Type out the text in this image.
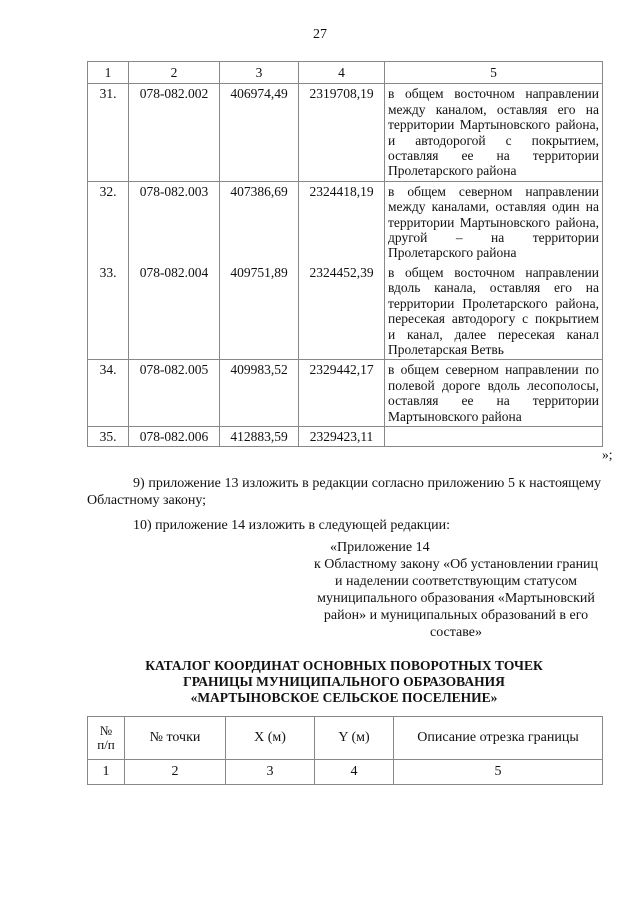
27
1	2	3	4	5
31.	078-082.002	406974,49	2319708,19	в общем восточном направлении между каналом, оставляя его на территории Мартыновского района, и автодорогой с покрытием, оставляя ее на территории Пролетарского района
32.	078-082.003	407386,69	2324418,19	в общем северном направлении между каналами, оставляя один на территории Мартыновского района, другой – на территории Пролетарского района
33.	078-082.004	409751,89	2324452,39	в общем восточном направлении вдоль канала, оставляя его на территории Пролетарского района, пересекая автодорогу с покрытием и канал, далее пересекая канал Пролетарская Ветвь
34.	078-082.005	409983,52	2329442,17	в общем северном направлении по полевой дороге вдоль лесополосы, оставляя ее на территории Мартыновского района
35.	078-082.006	412883,59	2329423,11	
»;

9) приложение 13 изложить в редакции согласно приложению 5 к настоящему Областному закону;

10) приложение 14 изложить в следующей редакции:

«Приложение 14
к Областному закону «Об установлении границ и наделении соответствующим статусом муниципального образования «Мартыновский район» и муниципальных образований в его составе»
КАТАЛОГ КООРДИНАТ ОСНОВНЫХ ПОВОРОТНЫХ ТОЧЕК
ГРАНИЦЫ МУНИЦИПАЛЬНОГО ОБРАЗОВАНИЯ
«МАРТЫНОВСКОЕ СЕЛЬСКОЕ ПОСЕЛЕНИЕ»
№
п/п	№ точки	X (м)	Y (м)	Описание отрезка границы
1	2	3	4	5
